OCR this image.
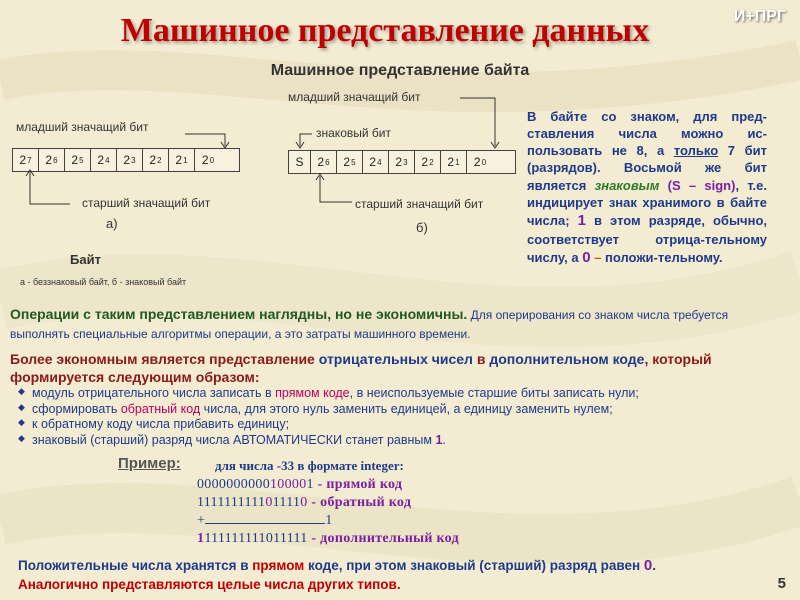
Машинное представление данных	И+ПРГ
Машинное представление байта
младший значащий бит
2 7 2 6 2 5 2 4 2 3 2 2 2 1 2 0
старший значащий бит
а)
младший значащий бит
знаковый бит
S 2 6 2 5 2 4 2 3 2 2 2 1 2 0
старший значащий бит
б)
Байт
а - беззнаковый байт, б - знаковый байт
В байте со знаком, для пред-ставления числа можно ис-пользовать не 8, а только 7 бит (разрядов). Восьмой же бит является знаковым (S – sign), т.е. индицирует знак хранимого в байте числа; 1 в этом разряде, обычно, соответствует отрица-тельному числу, а 0 – положи-тельному.
Операции с таким представлением наглядны, но не экономичны. Для оперирования со знаком числа требуется выполнять специальные алгоритмы операции, а это затраты машинного времени.
Более экономным является представление отрицательных чисел в дополнительном коде, который формируется следующим образом:
◆ модуль отрицательного числа записать в прямом коде, в неиспользуемые старшие биты записать нули;
◆ сформировать обратный код числа, для этого нуль заменить единицей, а единицу заменить нулем;
◆ к обратному коду числа прибавить единицу;
◆ знаковый (старший) разряд числа АВТОМАТИЧЕСКИ станет равным 1.
Пример:	для числа -33 в формате integer:
0000000000100001 - прямой код
1111111111011110 - обратный код
+	1
1111111111011111 - дополнительный код
Положительные числа хранятся в прямом коде, при этом знаковый (старший) разряд равен 0.
Аналогично представляются целые числа других типов.	5
